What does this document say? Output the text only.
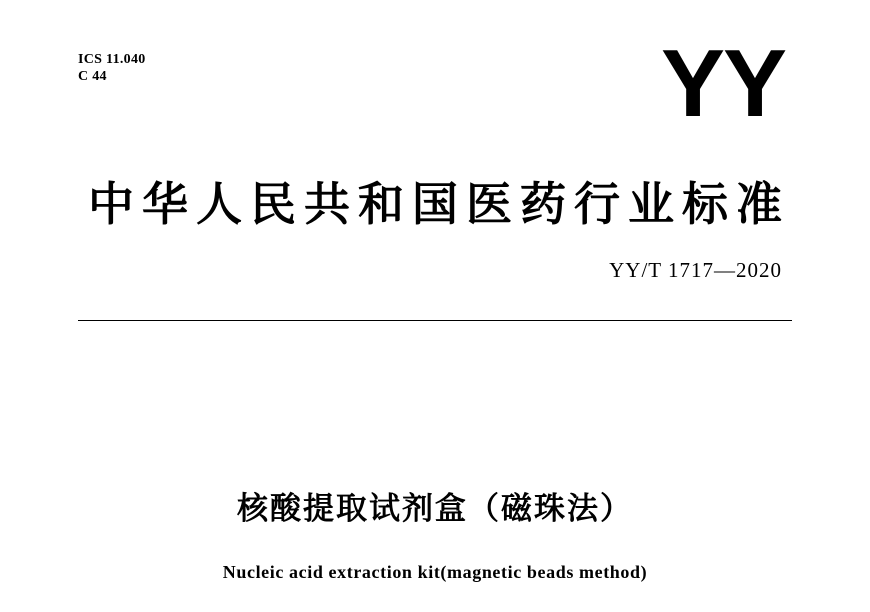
ICS 11.040
C 44	YY
中华人民共和国医药行业标准
YY/T 1717—2020
核酸提取试剂盒（磁珠法）
Nucleic acid extraction kit(magnetic beads method)
